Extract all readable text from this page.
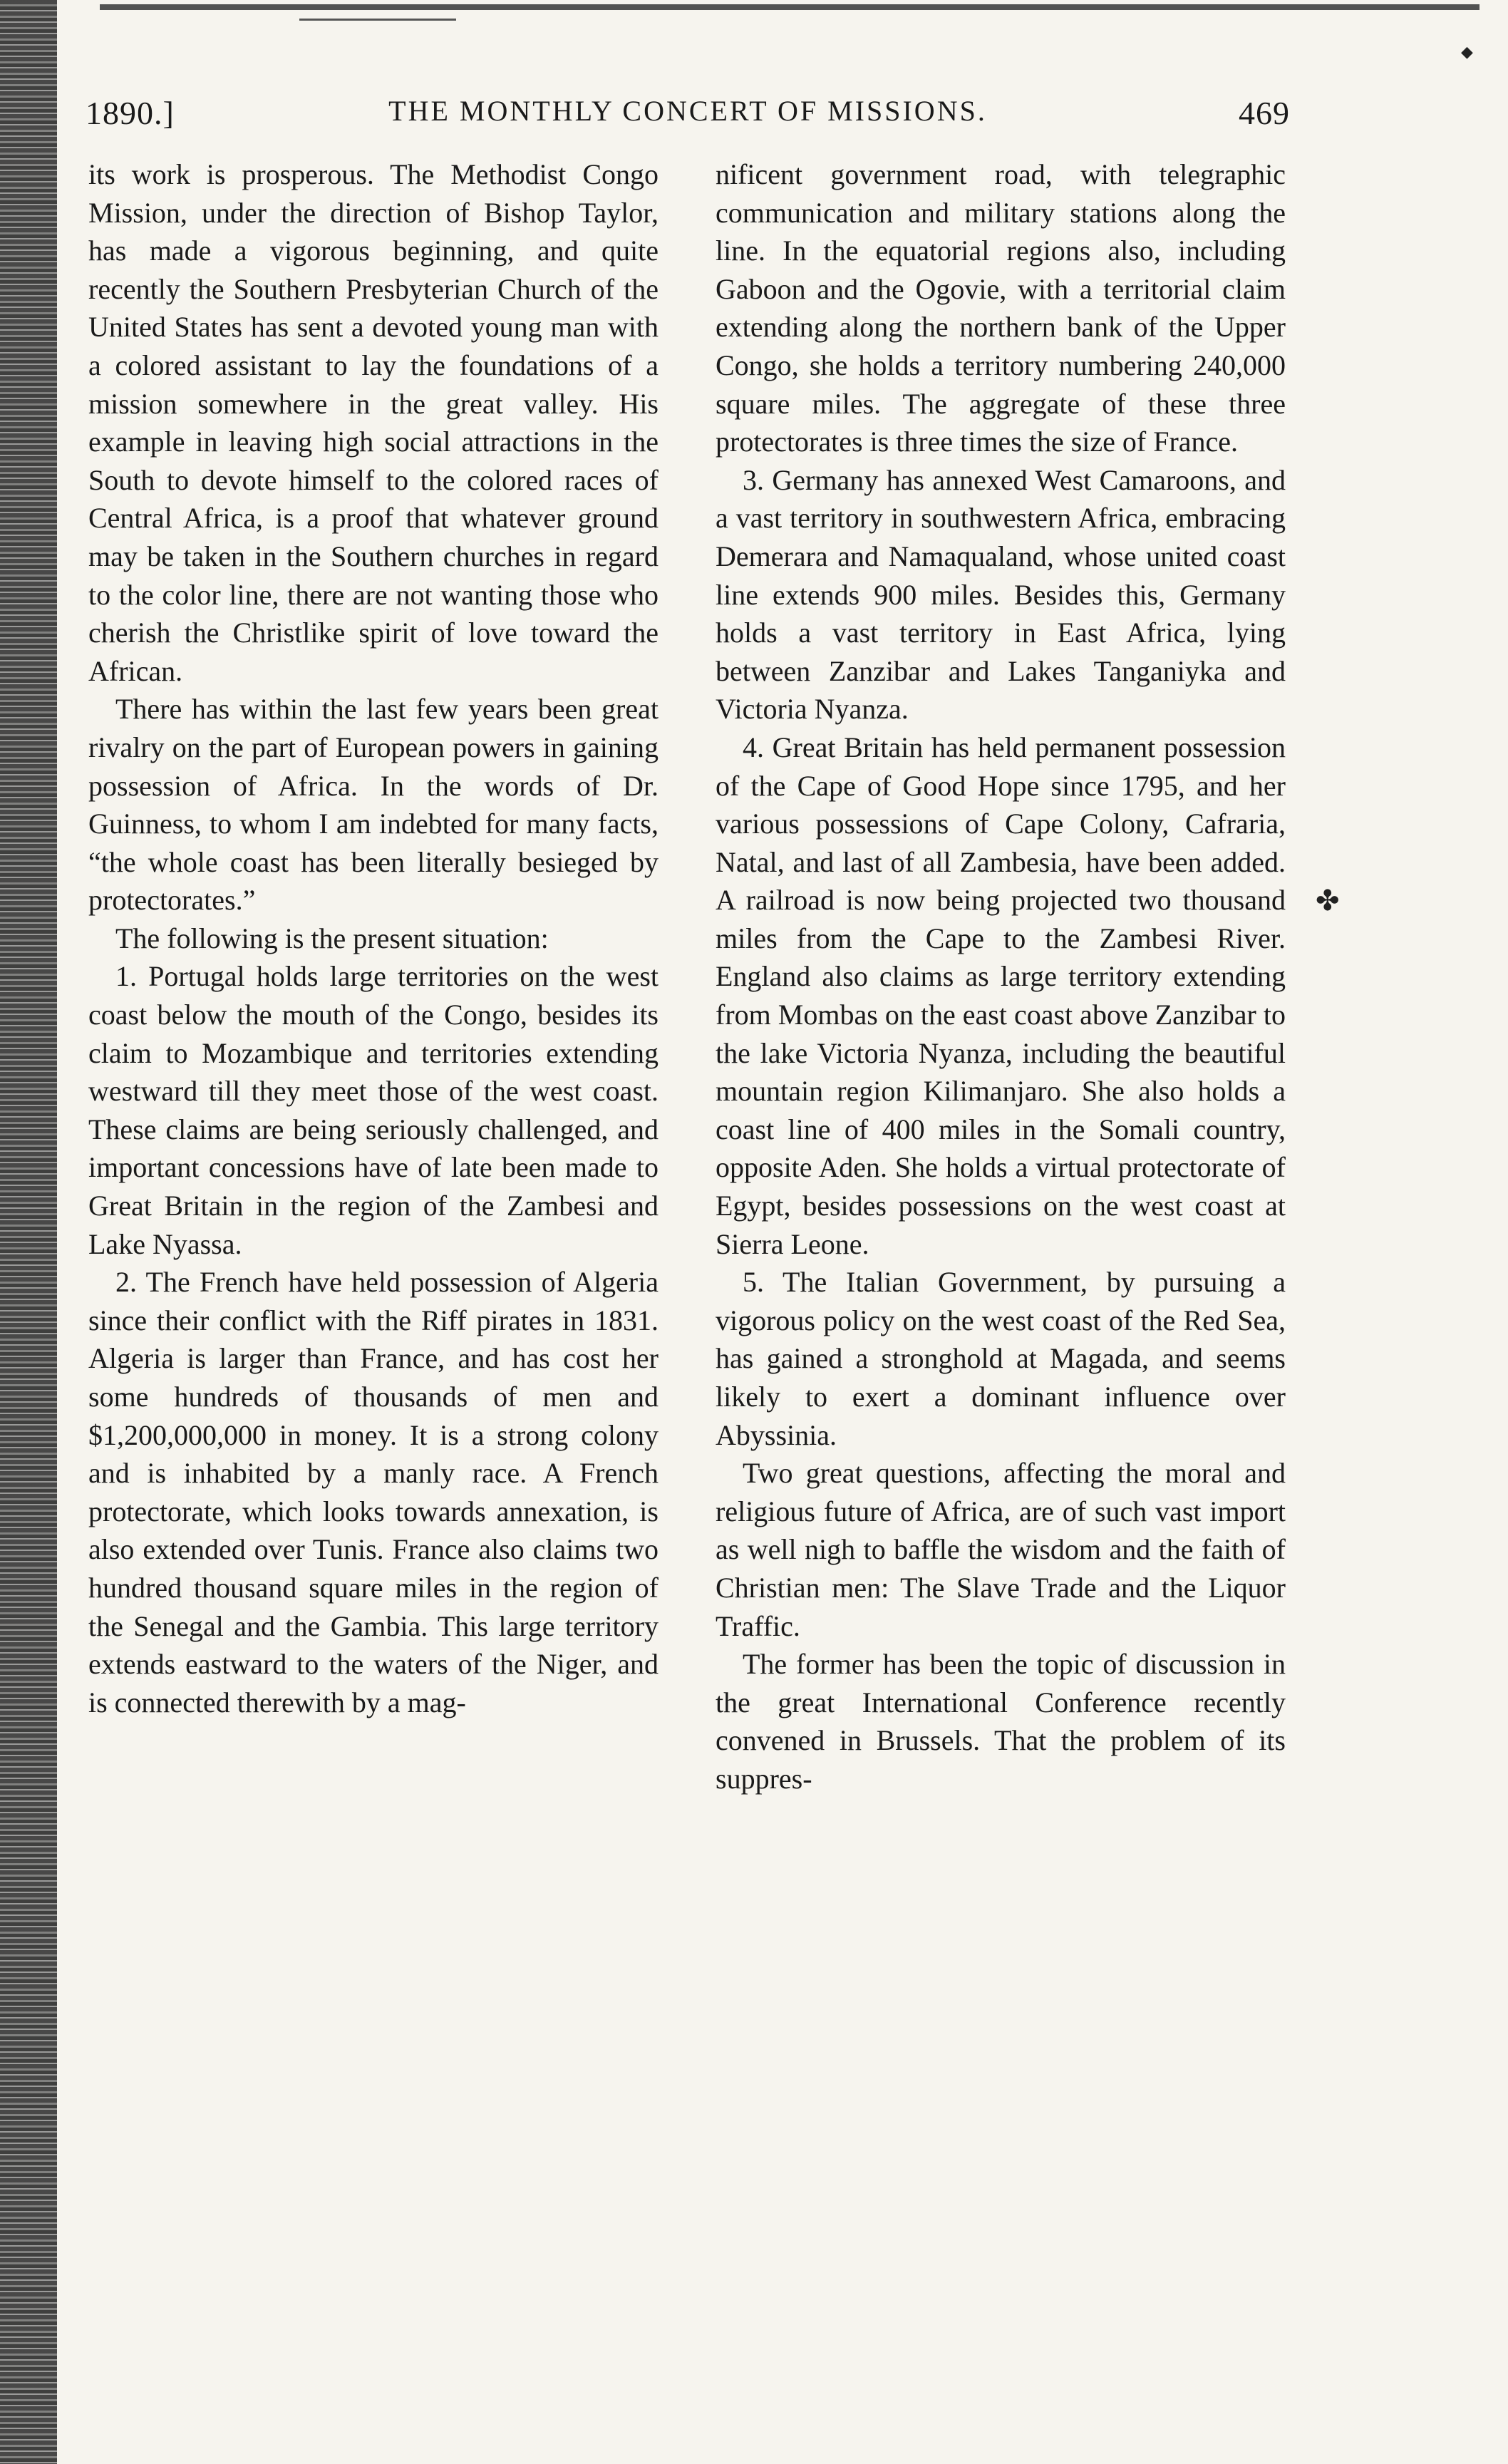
1890.]	THE MONTHLY CONCERT OF MISSIONS.	469

its work is prosperous. The Methodist Congo Mission, under the direction of Bishop Taylor, has made a vigorous beginning, and quite recently the Southern Presbyterian Church of the United States has sent a devoted young man with a colored assistant to lay the foundations of a mission somewhere in the great valley. His example in leaving high social attractions in the South to devote himself to the colored races of Central Africa, is a proof that whatever ground may be taken in the Southern churches in regard to the color line, there are not wanting those who cherish the Christlike spirit of love toward the African.

There has within the last few years been great rivalry on the part of European powers in gaining possession of Africa. In the words of Dr. Guinness, to whom I am indebted for many facts, “the whole coast has been literally besieged by protectorates.”

The following is the present situation:

1. Portugal holds large territories on the west coast below the mouth of the Congo, besides its claim to Mozambique and territories extending westward till they meet those of the west coast. These claims are being seriously challenged, and important concessions have of late been made to Great Britain in the region of the Zambesi and Lake Nyassa.

2. The French have held possession of Algeria since their conflict with the Riff pirates in 1831. Algeria is larger than France, and has cost her some hundreds of thousands of men and $1,200,000,000 in money. It is a strong colony and is inhabited by a manly race. A French protectorate, which looks towards annexation, is also extended over Tunis. France also claims two hundred thousand square miles in the region of the Senegal and the Gambia. This large territory extends eastward to the waters of the Niger, and is connected therewith by a mag-

nificent government road, with telegraphic communication and military stations along the line. In the equatorial regions also, including Gaboon and the Ogovie, with a territorial claim extending along the northern bank of the Upper Congo, she holds a territory numbering 240,000 square miles. The aggregate of these three protectorates is three times the size of France.

3. Germany has annexed West Camaroons, and a vast territory in southwestern Africa, embracing Demerara and Namaqualand, whose united coast line extends 900 miles. Besides this, Germany holds a vast territory in East Africa, lying between Zanzibar and Lakes Tanganiyka and Victoria Nyanza.

4. Great Britain has held permanent possession of the Cape of Good Hope since 1795, and her various possessions of Cape Colony, Cafraria, Natal, and last of all Zambesia, have been added. A railroad is now being projected two thousand miles from the Cape to the Zambesi River. England also claims as large territory extending from Mombas on the east coast above Zanzibar to the lake Victoria Nyanza, including the beautiful mountain region Kilimanjaro. She also holds a coast line of 400 miles in the Somali country, opposite Aden. She holds a virtual protectorate of Egypt, besides possessions on the west coast at Sierra Leone.

5. The Italian Government, by pursuing a vigorous policy on the west coast of the Red Sea, has gained a stronghold at Magada, and seems likely to exert a dominant influence over Abyssinia.

Two great questions, affecting the moral and religious future of Africa, are of such vast import as well nigh to baffle the wisdom and the faith of Christian men: The Slave Trade and the Liquor Traffic.

The former has been the topic of discussion in the great International Conference recently convened in Brussels. That the problem of its suppres-

✤
◆
